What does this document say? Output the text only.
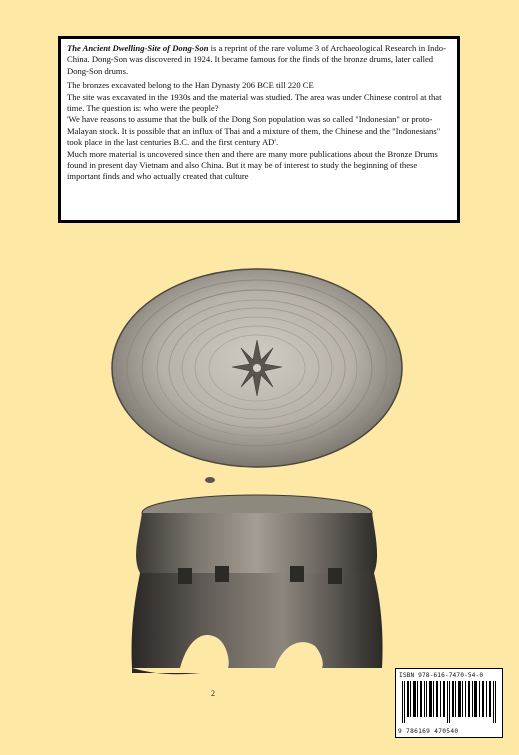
The Ancient Dwelling-Site of Dong-Son is a reprint of the rare volume 3 of Archaeological Research in Indo-China. Dong-Son was discovered in 1924. It became famous for the finds of the bronze drums, later called Dong-Son drums.

The bronzes excavated belong to the Han Dynasty 206 BCE till 220 CE

The site was excavated in the 1930s and the material was studied. The area was under Chinese control at that time. The question is: who were the people?

'We have reasons to assume that the bulk of the Dong Son population was so called "Indonesian" or proto-Malayan stock. It is possible that an influx of Thai and a mixture of them, the Chinese and the "Indonesians" took place in the last centuries B.C. and the first century AD'.

Much more material is uncovered since then and there are many more publications about the Bronze Drums found in present day Vietnam and also China. But it may be of interest to study the beginning of these important finds and who actually created that culture

2
ISBN 978-616-7470-54-0
9 786169 470540
